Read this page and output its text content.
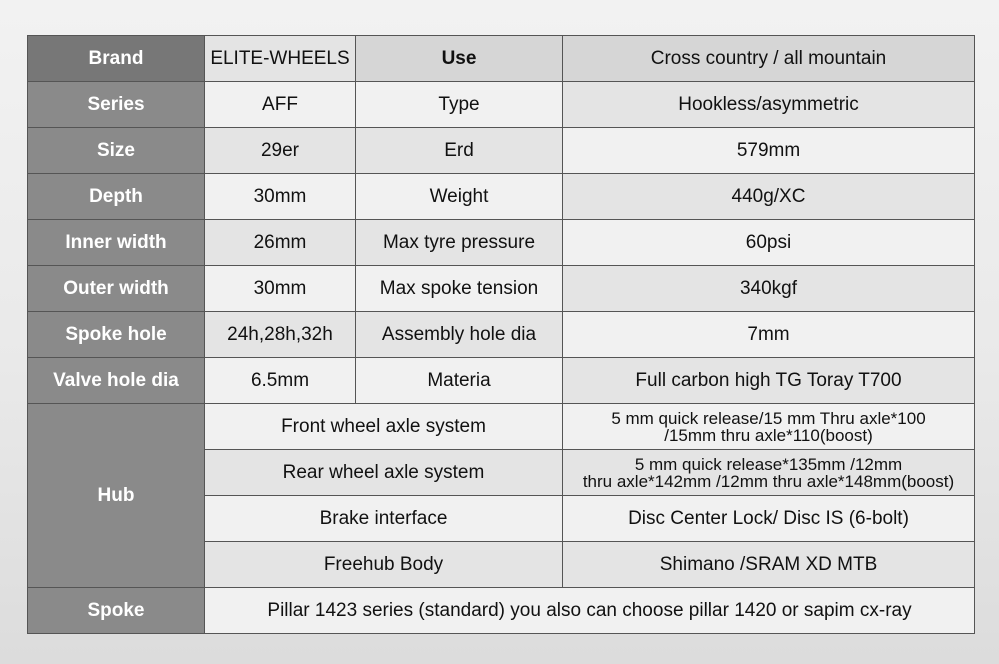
Brand	ELITE-WHEELS	Use	Cross country / all mountain
Series	AFF	Type	Hookless/asymmetric
Size	29er	Erd	579mm
Depth	30mm	Weight	440g/XC
Inner width	26mm	Max tyre pressure	60psi
Outer width	30mm	Max spoke tension	340kgf
Spoke hole	24h,28h,32h	Assembly hole dia	7mm
Valve hole dia	6.5mm	Materia	Full carbon high TG Toray T700
Hub	Front wheel axle system		5 mm quick release/15 mm Thru axle*100
/15mm thru axle*110(boost)
	Rear wheel axle system		5 mm quick release*135mm /12mm
thru axle*142mm /12mm thru axle*148mm(boost)
	Brake interface		Disc Center Lock/ Disc IS (6-bolt)
	Freehub Body		Shimano /SRAM XD MTB
Spoke	Pillar 1423 series (standard) you also can choose pillar 1420 or sapim cx-ray		
